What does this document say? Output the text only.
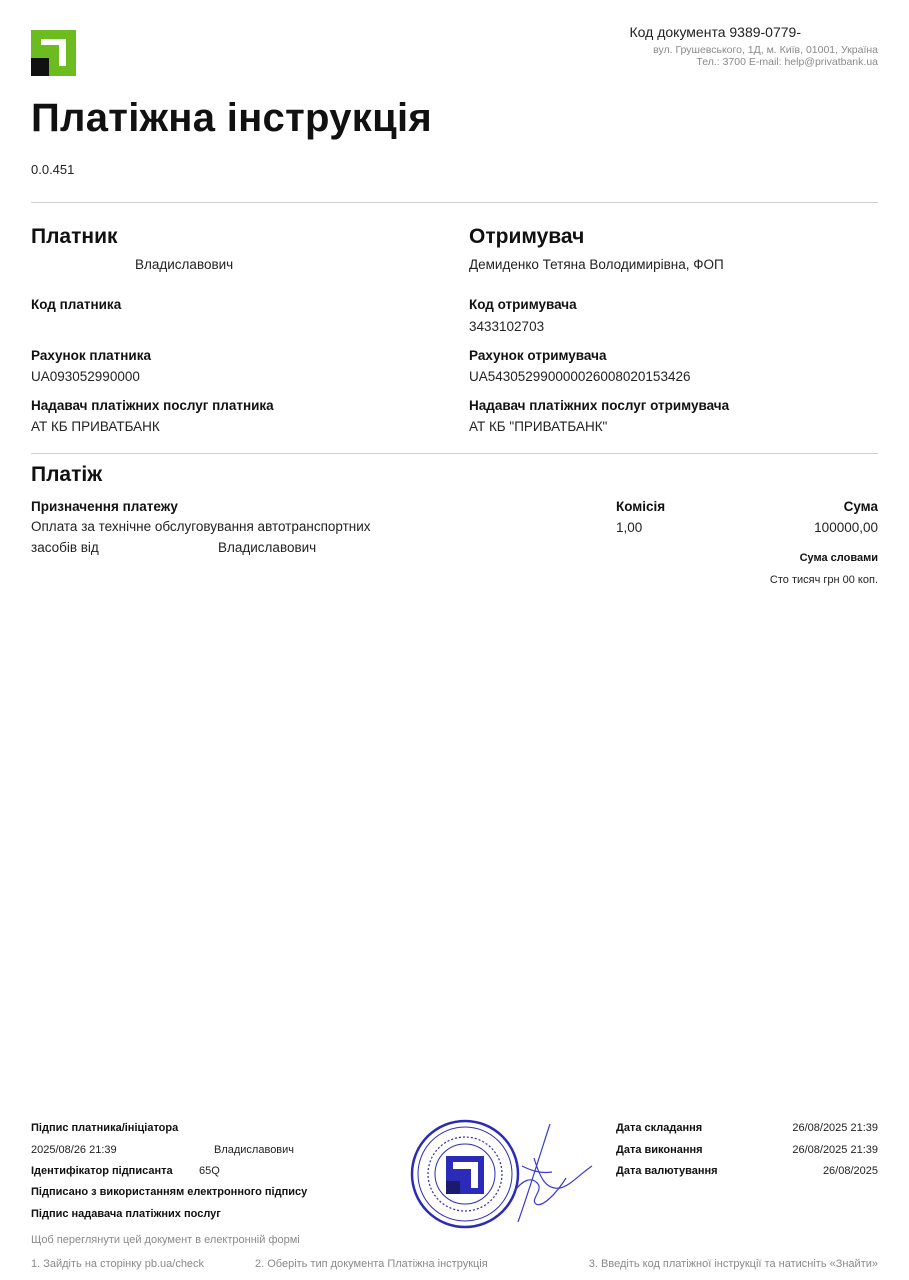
Код документа 9389-0779-
вул. Грушевського, 1Д, м. Київ, 01001, Україна
Тел.: 3700 E-mail: help@privatbank.ua
Платіжна інструкція
0.0.451
Платник
Владиславович
Код платника
Рахунок платника
UA093052990000
Надавач платіжних послуг платника
АТ КБ ПРИВАТБАНК
Отримувач
Демиденко Тетяна Володимирівна, ФОП
Код отримувача
3433102703
Рахунок отримувача
UA543052990000026008020153426
Надавач платіжних послуг отримувача
АТ КБ "ПРИВАТБАНК"
Платіж
Призначення платежу
Оплата за технічне обслуговування автотранспортних
засобів від	Владиславович
Комісія
1,00
Сума
100000,00
Сума словами
Сто тисяч грн 00 коп.
Підпис платника/ініціатора
2025/08/26 21:39	Владиславович
Ідентифікатор підписанта 65Q
Підписано з використанням електронного підпису
Підпис надавача платіжних послуг
Дата складання	26/08/2025 21:39
Дата виконання	26/08/2025 21:39
Дата валютування	26/08/2025
Щоб переглянути цей документ в електронній формі
1. Зайдіть на сторінку pb.ua/check	2. Оберіть тип документа Платіжна інструкція	3. Введіть код платіжної інструкції та натисніть «Знайти»
